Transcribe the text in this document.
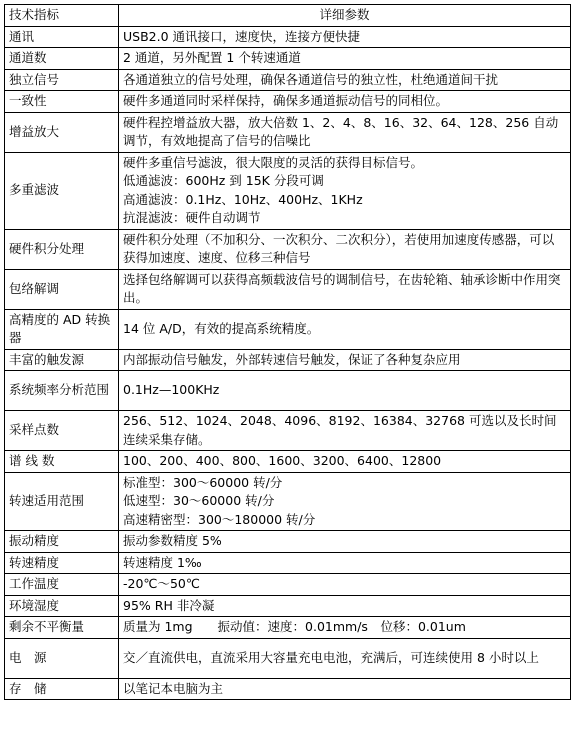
技术指标	详细参数
通讯	USB2.0 通讯接口，速度快，连接方便快捷

通道数	2 通道，另外配置 1 个转速通道

独立信号	各通道独立的信号处理，确保各通道信号的独立性，杜绝通道间干扰

一致性	硬件多通道同时采样保持，确保多通道振动信号的同相位。

增益放大	硬件程控增益放大器，放大倍数 1、2、4、8、16、32、64、128、256 自动调节，有效地提高了信号的信噪比

多重滤波	硬件多重信号滤波，很大限度的灵活的获得目标信号。
低通滤波：600Hz 到 15K 分段可调
高通滤波：0.1Hz、10Hz、400Hz、1KHz
抗混滤波：硬件自动调节

硬件积分处理	硬件积分处理（不加积分、一次积分、二次积分），若使用加速度传感器，可以获得加速度、速度、位移三种信号

包络解调	选择包络解调可以获得高频载波信号的调制信号，在齿轮箱、轴承诊断中作用突出。

高精度的 AD 转换器	14 位 A/D，有效的提高系统精度。

丰富的触发源	内部振动信号触发，外部转速信号触发，保证了各种复杂应用

系统频率分析范围	0.1Hz—100KHz

采样点数	256、512、1024、2048、4096、8192、16384、32768 可选以及长时间连续采集存储。

谱 线 数	100、200、400、800、1600、3200、6400、12800

转速适用范围	标准型：300～60000 转/分
低速型：30～60000 转/分
高速精密型：300～180000 转/分

振动精度	振动参数精度 5%

转速精度	转速精度 1‰

工作温度	-20℃～50℃

环境湿度	95% RH 非冷凝

剩余不平衡量	质量为 1mg　　振动值：速度：0.01mm/s　位移：0.01um

电　源	交／直流供电，直流采用大容量充电电池，充满后，可连续使用 8 小时以上

存　储	以笔记本电脑为主
